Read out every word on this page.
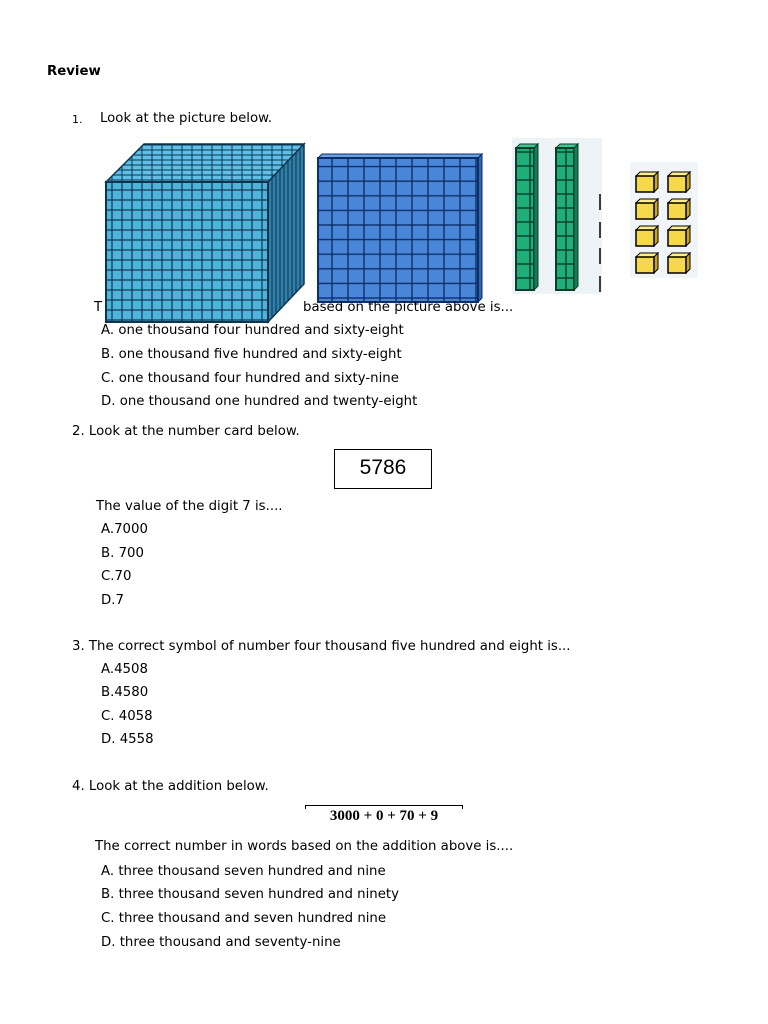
Review
1. Look at the picture below.
T	based on the picture above is...
A. one thousand four hundred and sixty-eight
B. one thousand five hundred and sixty-eight
C. one thousand four hundred and sixty-nine
D. one thousand one hundred and twenty-eight
2. Look at the number card below.
5786
The value of the digit 7 is....
A.7000
B. 700
C.70
D.7
3. The correct symbol of number four thousand five hundred and eight is...
A.4508
B.4580
C. 4058
D. 4558
4. Look at the addition below.
3000 + 0 + 70 + 9
The correct number in words based on the addition above is....
A. three thousand seven hundred and nine
B. three thousand seven hundred and ninety
C. three thousand and seven hundred nine
D. three thousand and seventy-nine
